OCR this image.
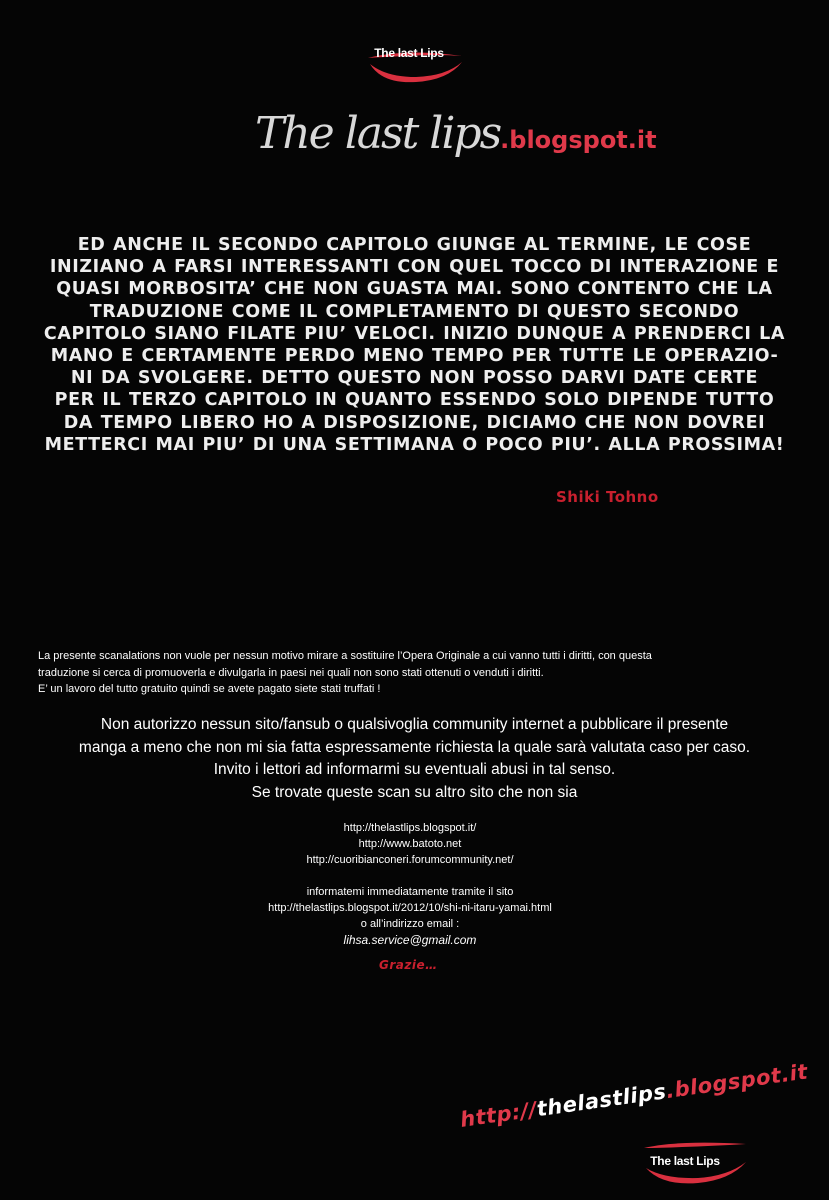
The last Lips
The last lips.blogspot.it
ED ANCHE IL SECONDO CAPITOLO GIUNGE AL TERMINE, LE COSE
INIZIANO A FARSI INTERESSANTI CON QUEL TOCCO DI INTERAZIONE E
QUASI MORBOSITA’ CHE NON GUASTA MAI. SONO CONTENTO CHE LA
TRADUZIONE COME IL COMPLETAMENTO DI QUESTO SECONDO
CAPITOLO SIANO FILATE PIU’ VELOCI. INIZIO DUNQUE A PRENDERCI LA
MANO E CERTAMENTE PERDO MENO TEMPO PER TUTTE LE OPERAZIO-
NI DA SVOLGERE. DETTO QUESTO NON POSSO DARVI DATE CERTE
PER IL TERZO CAPITOLO IN QUANTO ESSENDO SOLO DIPENDE TUTTO
DA TEMPO LIBERO HO A DISPOSIZIONE, DICIAMO CHE NON DOVREI
METTERCI MAI PIU’ DI UNA SETTIMANA O POCO PIU’. ALLA PROSSIMA!
Shiki Tohno
La presente scanalations non vuole per nessun motivo mirare a sostituire l’Opera Originale a cui vanno tutti i diritti, con questa
traduzione si cerca di promuoverla e divulgarla in paesi nei quali non sono stati ottenuti o venduti i diritti.
E’ un lavoro del tutto gratuito quindi se avete pagato siete stati truffati !
Non autorizzo nessun sito/fansub o qualsivoglia community internet a pubblicare il presente
manga a meno che non mi sia fatta espressamente richiesta la quale sarà valutata caso per caso.
Invito i lettori ad informarmi su eventuali abusi in tal senso.
Se trovate queste scan su altro sito che non sia
http://thelastlips.blogspot.it/
http://www.batoto.net
http://cuoribianconeri.forumcommunity.net/
informatemi immediatamente tramite il sito
http://thelastlips.blogspot.it/2012/10/shi-ni-itaru-yamai.html
o all’indirizzo email :
lihsa.service@gmail.com
Grazie…
http://thelastlips.blogspot.it
The last Lips
